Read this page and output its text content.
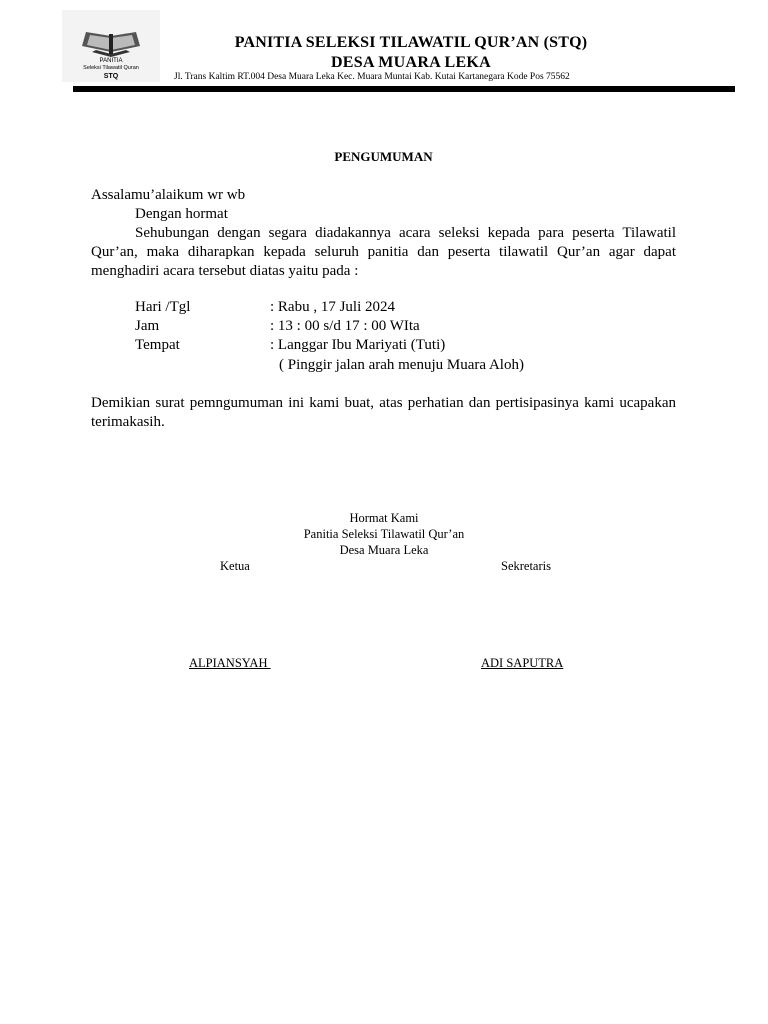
PANITIA
Seleksi Tilawatil Quran
STQ
PANITIA SELEKSI TILAWATIL QUR’AN (STQ)
DESA MUARA LEKA
Jl. Trans Kaltim RT.004 Desa Muara Leka Kec. Muara Muntai Kab. Kutai Kartanegara Kode Pos 75562
PENGUMUMAN
Assalamu’alaikum wr wb
Dengan hormat
Sehubungan dengan segara diadakannya acara seleksi kepada para peserta Tilawatil Qur’an, maka diharapkan kepada seluruh panitia dan peserta tilawatil Qur’an agar dapat menghadiri acara tersebut diatas yaitu pada :
Hari /Tgl	: Rabu , 17 Juli 2024
Jam	: 13 : 00 s/d 17 : 00 WIta
Tempat	: Langgar Ibu Mariyati (Tuti)
( Pinggir jalan arah menuju Muara Aloh)
Demikian surat pemngumuman ini kami buat, atas perhatian dan pertisipasinya kami ucapakan terimakasih.
Hormat Kami
Panitia Seleksi Tilawatil Qur’an
Desa Muara Leka
Ketua	Sekretaris
ALPIANSYAH	ADI SAPUTRA
